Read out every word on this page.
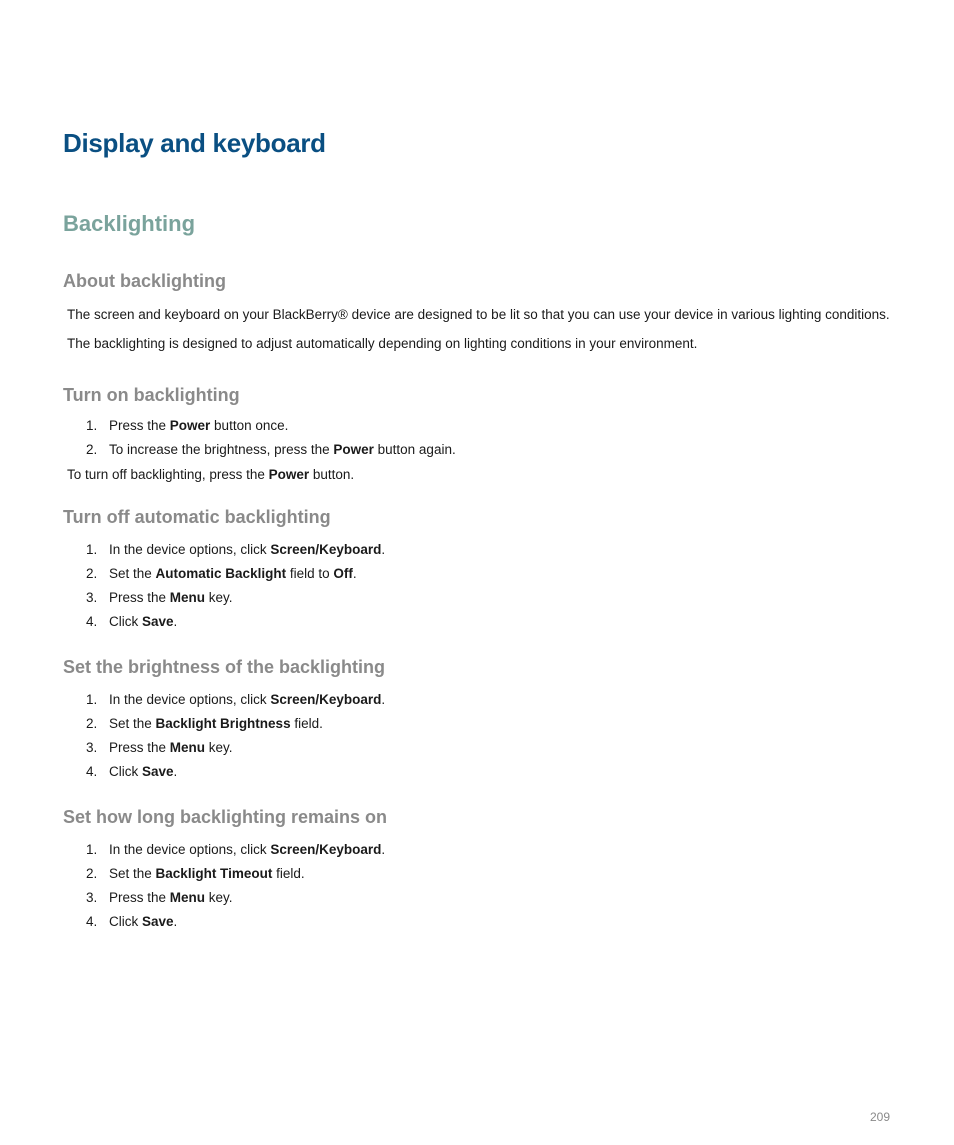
Display and keyboard
Backlighting
About backlighting

The screen and keyboard on your BlackBerry® device are designed to be lit so that you can use your device in various lighting conditions.

The backlighting is designed to adjust automatically depending on lighting conditions in your environment.

Turn on backlighting
1. Press the Power button once.
2. To increase the brightness, press the Power button again.

To turn off backlighting, press the Power button.

Turn off automatic backlighting
1. In the device options, click Screen/Keyboard.
2. Set the Automatic Backlight field to Off.
3. Press the Menu key.
4. Click Save.
Set the brightness of the backlighting
1. In the device options, click Screen/Keyboard.
2. Set the Backlight Brightness field.
3. Press the Menu key.
4. Click Save.
Set how long backlighting remains on
1. In the device options, click Screen/Keyboard.
2. Set the Backlight Timeout field.
3. Press the Menu key.
4. Click Save.
209
